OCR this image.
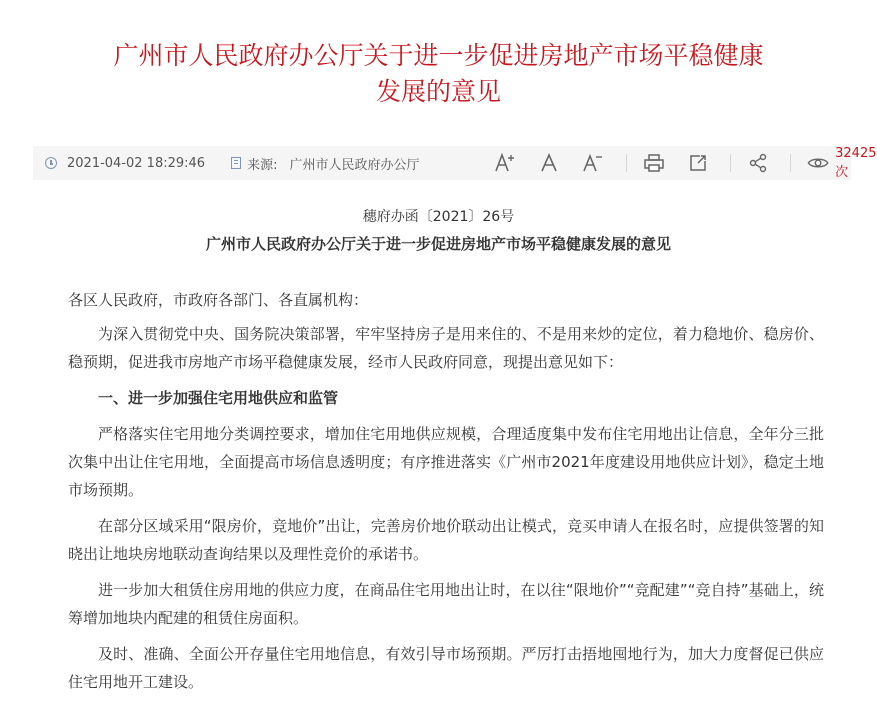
广州市人民政府办公厅关于进一步促进房地产市场平稳健康
发展的意见
2021-04-02 18:29:46	来源: 广州市人民政府办公厅
32425次
穗府办函〔2021〕26号
广州市人民政府办公厅关于进一步促进房地产市场平稳健康发展的意见

各区人民政府，市政府各部门、各直属机构：

为深入贯彻党中央、国务院决策部署，牢牢坚持房子是用来住的、不是用来炒的定位，着力稳地价、稳房价、稳预期，促进我市房地产市场平稳健康发展，经市人民政府同意，现提出意见如下：

一、进一步加强住宅用地供应和监管

严格落实住宅用地分类调控要求，增加住宅用地供应规模，合理适度集中发布住宅用地出让信息，全年分三批次集中出让住宅用地，全面提高市场信息透明度；有序推进落实《广州市2021年度建设用地供应计划》，稳定土地市场预期。

在部分区域采用“限房价，竞地价”出让，完善房价地价联动出让模式，竞买申请人在报名时，应提供签署的知晓出让地块房地联动查询结果以及理性竞价的承诺书。

进一步加大租赁住房用地的供应力度，在商品住宅用地出让时，在以往“限地价”“竞配建”“竞自持”基础上，统筹增加地块内配建的租赁住房面积。

及时、准确、全面公开存量住宅用地信息，有效引导市场预期。严厉打击捂地囤地行为，加大力度督促已供应住宅用地开工建设。
